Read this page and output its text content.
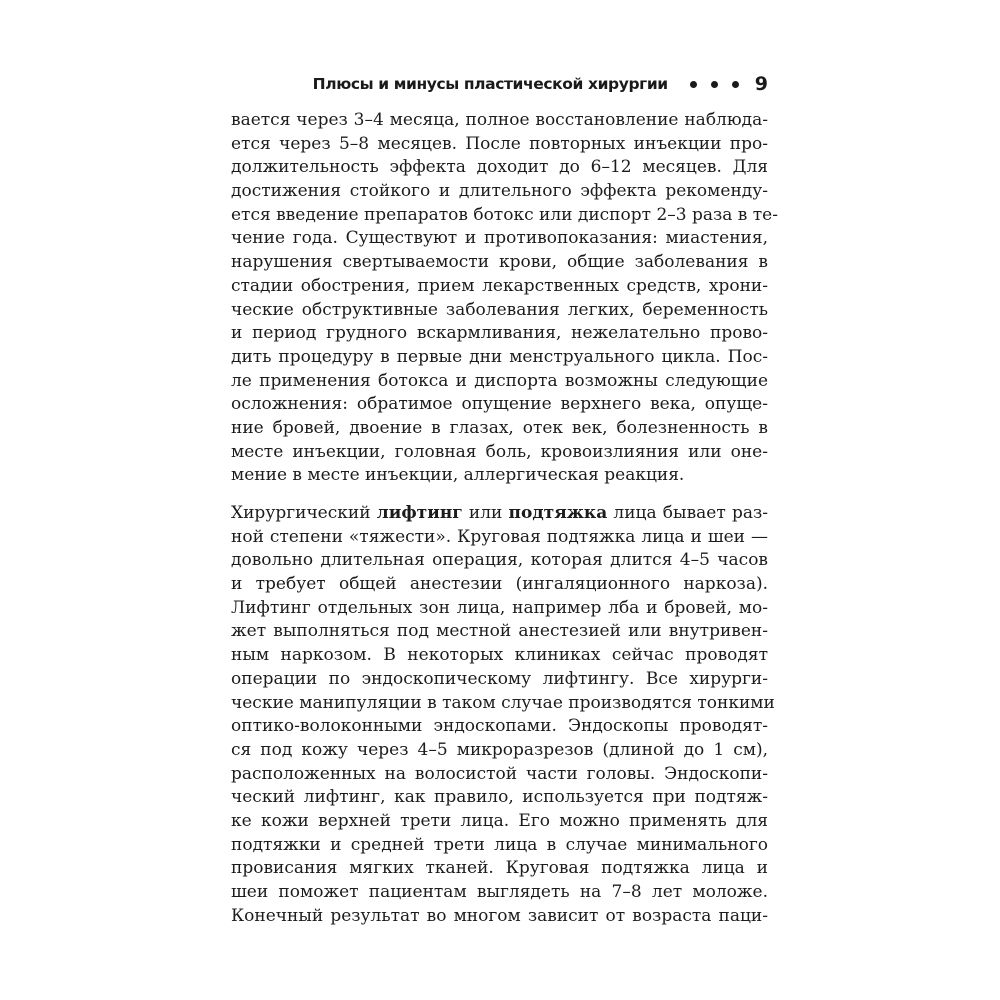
Плюсы и минусы пластической хирургии	9
вается через 3–4 месяца, полное восстановление наблюда-
ется через 5–8 месяцев. После повторных инъекции про-
должительность эффекта доходит до 6–12 месяцев. Для
достижения стойкого и длительного эффекта рекоменду-
ется введение препаратов ботокс или диспорт 2–3 раза в те-
чение года. Существуют и противопоказания: миастения,
нарушения свертываемости крови, общие заболевания в
стадии обострения, прием лекарственных средств, хрони-
ческие обструктивные заболевания легких, беременность
и период грудного вскармливания, нежелательно прово-
дить процедуру в первые дни менструального цикла. Пос-
ле применения ботокса и диспорта возможны следующие
осложнения: обратимое опущение верхнего века, опуще-
ние бровей, двоение в глазах, отек век, болезненность в
месте инъекции, головная боль, кровоизлияния или оне-
мение в месте инъекции, аллергическая реакция.
Хирургический лифтинг или подтяжка лица бывает раз-
ной степени «тяжести». Круговая подтяжка лица и шеи —
довольно длительная операция, которая длится 4–5 часов
и требует общей анестезии (ингаляционного наркоза).
Лифтинг отдельных зон лица, например лба и бровей, мо-
жет выполняться под местной анестезией или внутривен-
ным наркозом. В некоторых клиниках сейчас проводят
операции по эндоскопическому лифтингу. Все хирурги-
ческие манипуляции в таком случае производятся тонкими
оптико-волоконными эндоскопами. Эндоскопы проводят-
ся под кожу через 4–5 микроразрезов (длиной до 1 см),
расположенных на волосистой части головы. Эндоскопи-
ческий лифтинг, как правило, используется при подтяж-
ке кожи верхней трети лица. Его можно применять для
подтяжки и средней трети лица в случае минимального
провисания мягких тканей. Круговая подтяжка лица и
шеи поможет пациентам выглядеть на 7–8 лет моложе.
Конечный результат во многом зависит от возраста паци-
